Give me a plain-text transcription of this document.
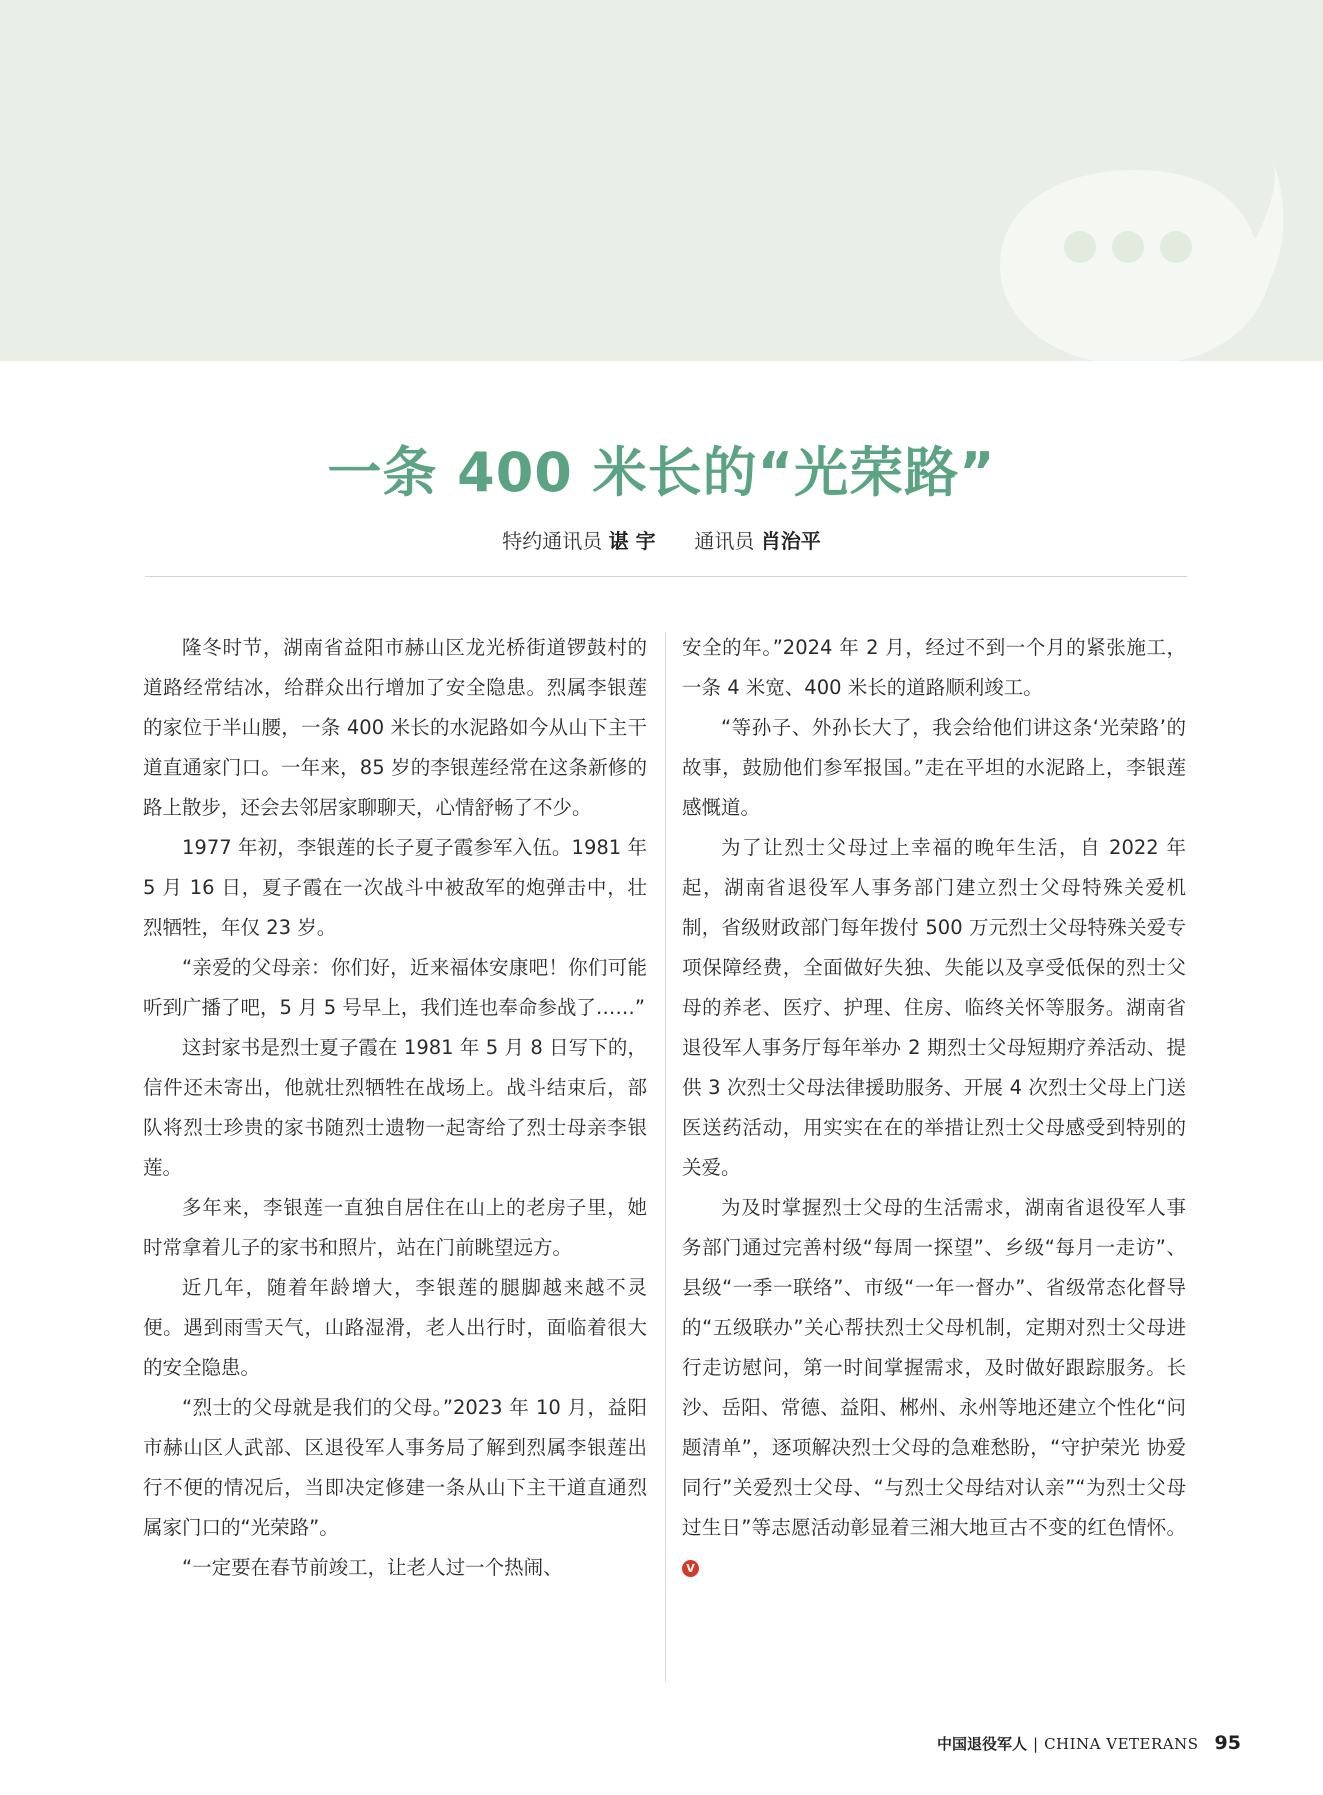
一条 400 米长的“光荣路”
特约通讯员 谌 宇 通讯员 肖治平

隆冬时节，湖南省益阳市赫山区龙光桥街道锣鼓村的道路经常结冰，给群众出行增加了安全隐患。烈属李银莲的家位于半山腰，一条 400 米长的水泥路如今从山下主干道直通家门口。一年来，85 岁的李银莲经常在这条新修的路上散步，还会去邻居家聊聊天，心情舒畅了不少。

1977 年初，李银莲的长子夏子霞参军入伍。1981 年 5 月 16 日，夏子霞在一次战斗中被敌军的炮弹击中，壮烈牺牲，年仅 23 岁。

“亲爱的父母亲：你们好，近来福体安康吧！你们可能听到广播了吧，5 月 5 号早上，我们连也奉命参战了……”

这封家书是烈士夏子霞在 1981 年 5 月 8 日写下的，信件还未寄出，他就壮烈牺牲在战场上。战斗结束后，部队将烈士珍贵的家书随烈士遗物一起寄给了烈士母亲李银莲。

多年来，李银莲一直独自居住在山上的老房子里，她时常拿着儿子的家书和照片，站在门前眺望远方。

近几年，随着年龄增大，李银莲的腿脚越来越不灵便。遇到雨雪天气，山路湿滑，老人出行时，面临着很大的安全隐患。

“烈士的父母就是我们的父母。”2023 年 10 月，益阳市赫山区人武部、区退役军人事务局了解到烈属李银莲出行不便的情况后，当即决定修建一条从山下主干道直通烈属家门口的“光荣路”。

“一定要在春节前竣工，让老人过一个热闹、

安全的年。”2024 年 2 月，经过不到一个月的紧张施工，一条 4 米宽、400 米长的道路顺利竣工。

“等孙子、外孙长大了，我会给他们讲这条‘光荣路’的故事，鼓励他们参军报国。”走在平坦的水泥路上，李银莲感慨道。

为了让烈士父母过上幸福的晚年生活，自 2022 年起，湖南省退役军人事务部门建立烈士父母特殊关爱机制，省级财政部门每年拨付 500 万元烈士父母特殊关爱专项保障经费，全面做好失独、失能以及享受低保的烈士父母的养老、医疗、护理、住房、临终关怀等服务。湖南省退役军人事务厅每年举办 2 期烈士父母短期疗养活动、提供 3 次烈士父母法律援助服务、开展 4 次烈士父母上门送医送药活动，用实实在在的举措让烈士父母感受到特别的关爱。

为及时掌握烈士父母的生活需求，湖南省退役军人事务部门通过完善村级“每周一探望”、乡级“每月一走访”、县级“一季一联络”、市级“一年一督办”、省级常态化督导的“五级联办”关心帮扶烈士父母机制，定期对烈士父母进行走访慰问，第一时间掌握需求，及时做好跟踪服务。长沙、岳阳、常德、益阳、郴州、永州等地还建立个性化“问题清单”，逐项解决烈士父母的急难愁盼，“守护荣光 协爱同行”关爱烈士父母、“与烈士父母结对认亲”“为烈士父母过生日”等志愿活动彰显着三湘大地亘古不变的红色情怀。V

中国退役军人 | CHINA VETERANS 95
